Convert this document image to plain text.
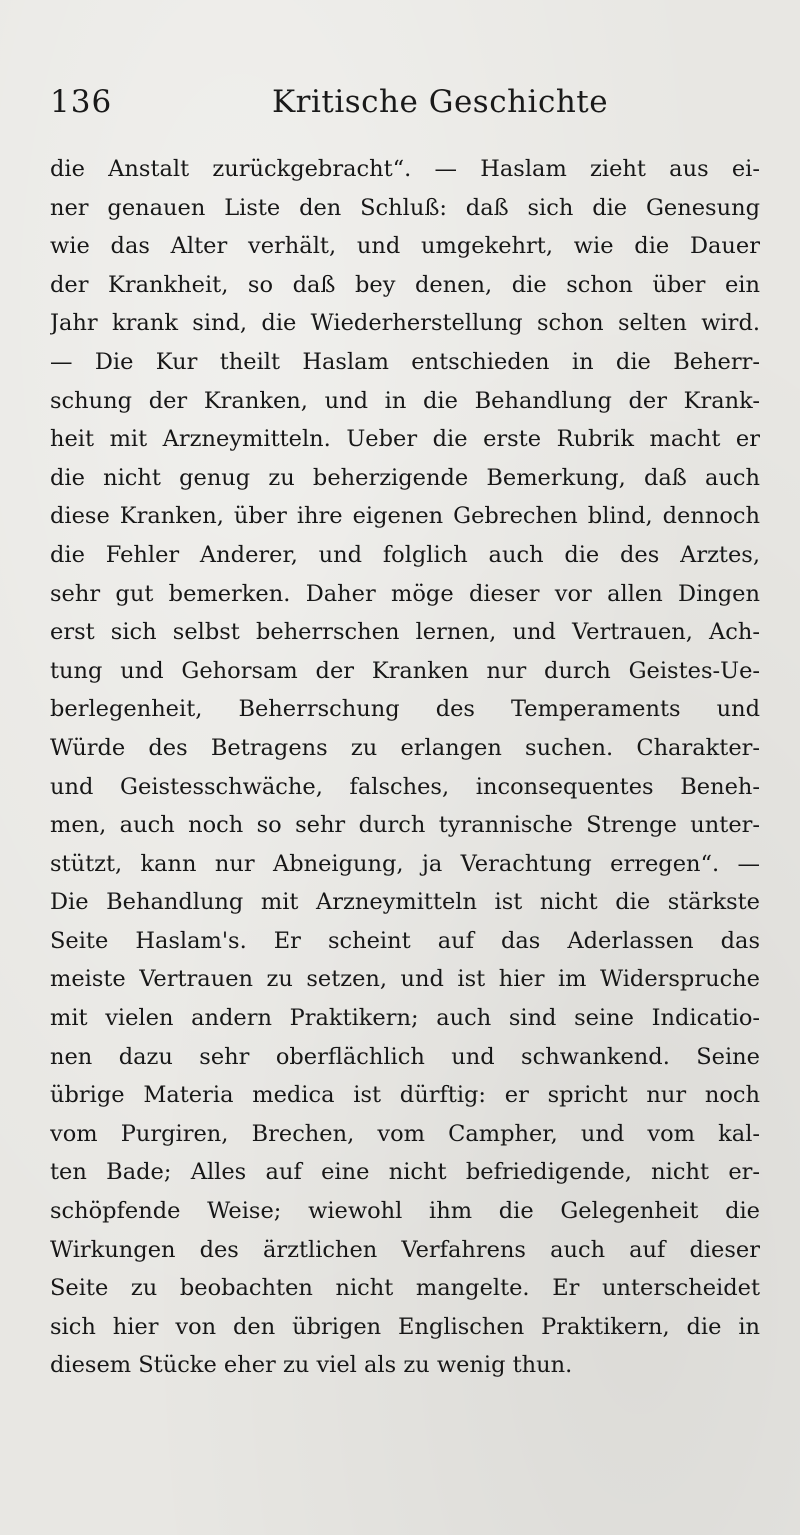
136	Kritische Geschichte
die Anstalt zurückgebracht“. — Haslam zieht aus ei-
ner genauen Liste den Schluß: daß sich die Genesung
wie das Alter verhält, und umgekehrt, wie die Dauer
der Krankheit, so daß bey denen, die schon über ein
Jahr krank sind, die Wiederherstellung schon selten wird.
— Die Kur theilt Haslam entschieden in die Beherr-
schung der Kranken, und in die Behandlung der Krank-
heit mit Arzneymitteln. Ueber die erste Rubrik macht er
die nicht genug zu beherzigende Bemerkung, daß auch
diese Kranken, über ihre eigenen Gebrechen blind, dennoch
die Fehler Anderer, und folglich auch die des Arztes,
sehr gut bemerken. Daher möge dieser vor allen Dingen
erst sich selbst beherrschen lernen, und Vertrauen, Ach-
tung und Gehorsam der Kranken nur durch Geistes-Ue-
berlegenheit, Beherrschung des Temperaments und
Würde des Betragens zu erlangen suchen. Charakter-
und Geistesschwäche, falsches, inconsequentes Beneh-
men, auch noch so sehr durch tyrannische Strenge unter-
stützt, kann nur Abneigung, ja Verachtung erregen“. —
Die Behandlung mit Arzneymitteln ist nicht die stärkste
Seite Haslam's. Er scheint auf das Aderlassen das
meiste Vertrauen zu setzen, und ist hier im Widerspruche
mit vielen andern Praktikern; auch sind seine Indicatio-
nen dazu sehr oberflächlich und schwankend. Seine
übrige Materia medica ist dürftig: er spricht nur noch
vom Purgiren, Brechen, vom Campher, und vom kal-
ten Bade; Alles auf eine nicht befriedigende, nicht er-
schöpfende Weise; wiewohl ihm die Gelegenheit die
Wirkungen des ärztlichen Verfahrens auch auf dieser
Seite zu beobachten nicht mangelte. Er unterscheidet
sich hier von den übrigen Englischen Praktikern, die in
diesem Stücke eher zu viel als zu wenig thun.
